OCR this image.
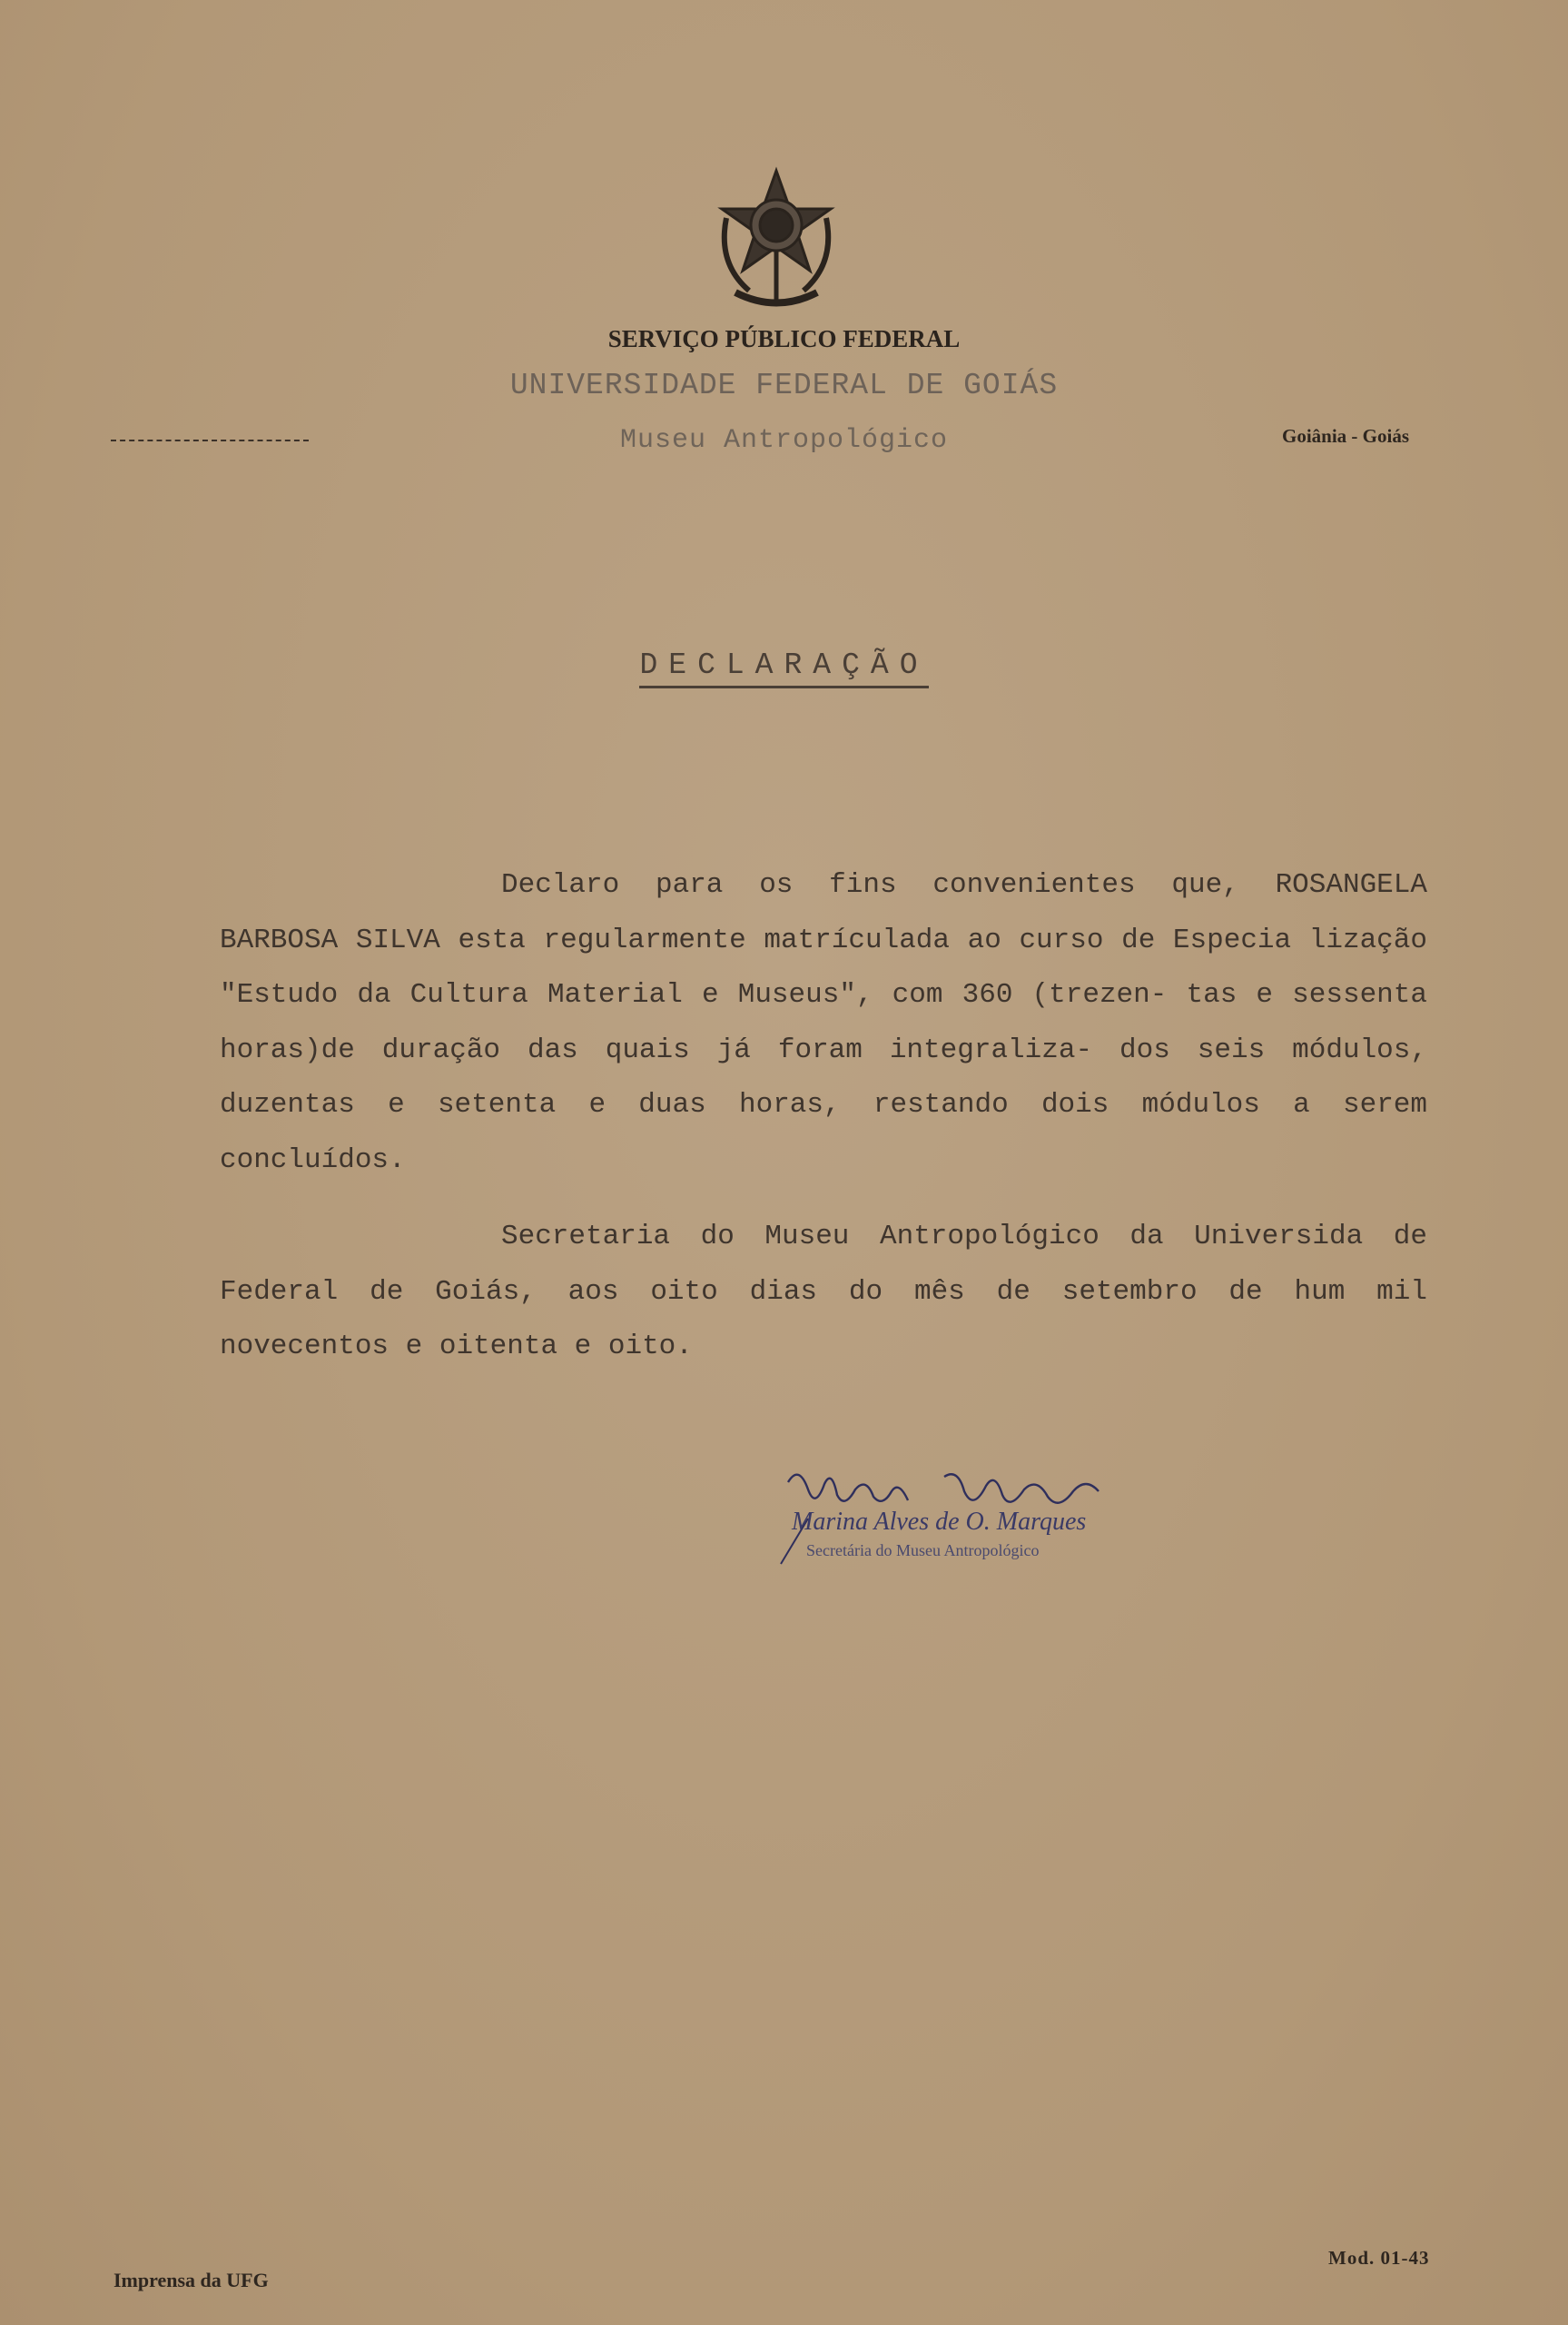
SERVIÇO PÚBLICO FEDERAL
UNIVERSIDADE FEDERAL DE GOIÁS
Museu Antropológico	Goiânia - Goiás
DECLARAÇÃO
Declaro para os fins convenientes que, ROSANGELA BARBOSA SILVA esta regularmente matrículada ao curso de Especia lização "Estudo da Cultura Material e Museus", com 360 (trezen- tas e sessenta horas)de duração das quais já foram integraliza- dos seis módulos, duzentas e setenta e duas horas, restando dois módulos a serem concluídos.
Secretaria do Museu Antropológico da Universida de Federal de Goiás, aos oito dias do mês de setembro de hum mil novecentos e oitenta e oito.
Marina Alves de O. Marques
Secretária do Museu Antropológico
Imprensa da UFG
Mod. 01-43
